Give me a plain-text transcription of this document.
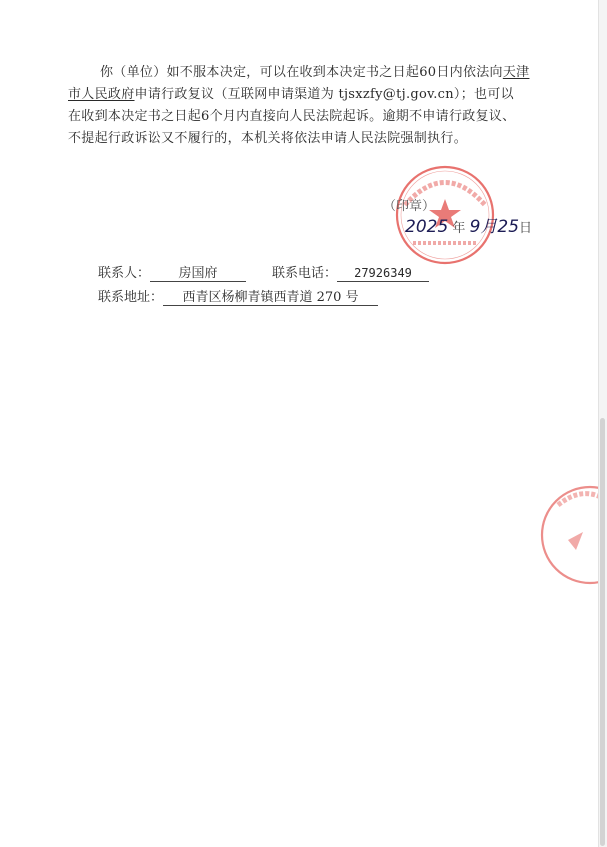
你（单位）如不服本决定，可以在收到本决定书之日起60日内依法向天津
市人民政府申请行政复议（互联网申请渠道为 tjsxzfy@tj.gov.cn）；也可以
在收到本决定书之日起6个月内直接向人民法院起诉。逾期不申请行政复议、
不提起行政诉讼又不履行的，本机关将依法申请人民法院强制执行。
（印章）
2025 年 9月25日
联系人： 房国府	联系电话： 27926349
联系地址： 西青区杨柳青镇西青道 270 号
